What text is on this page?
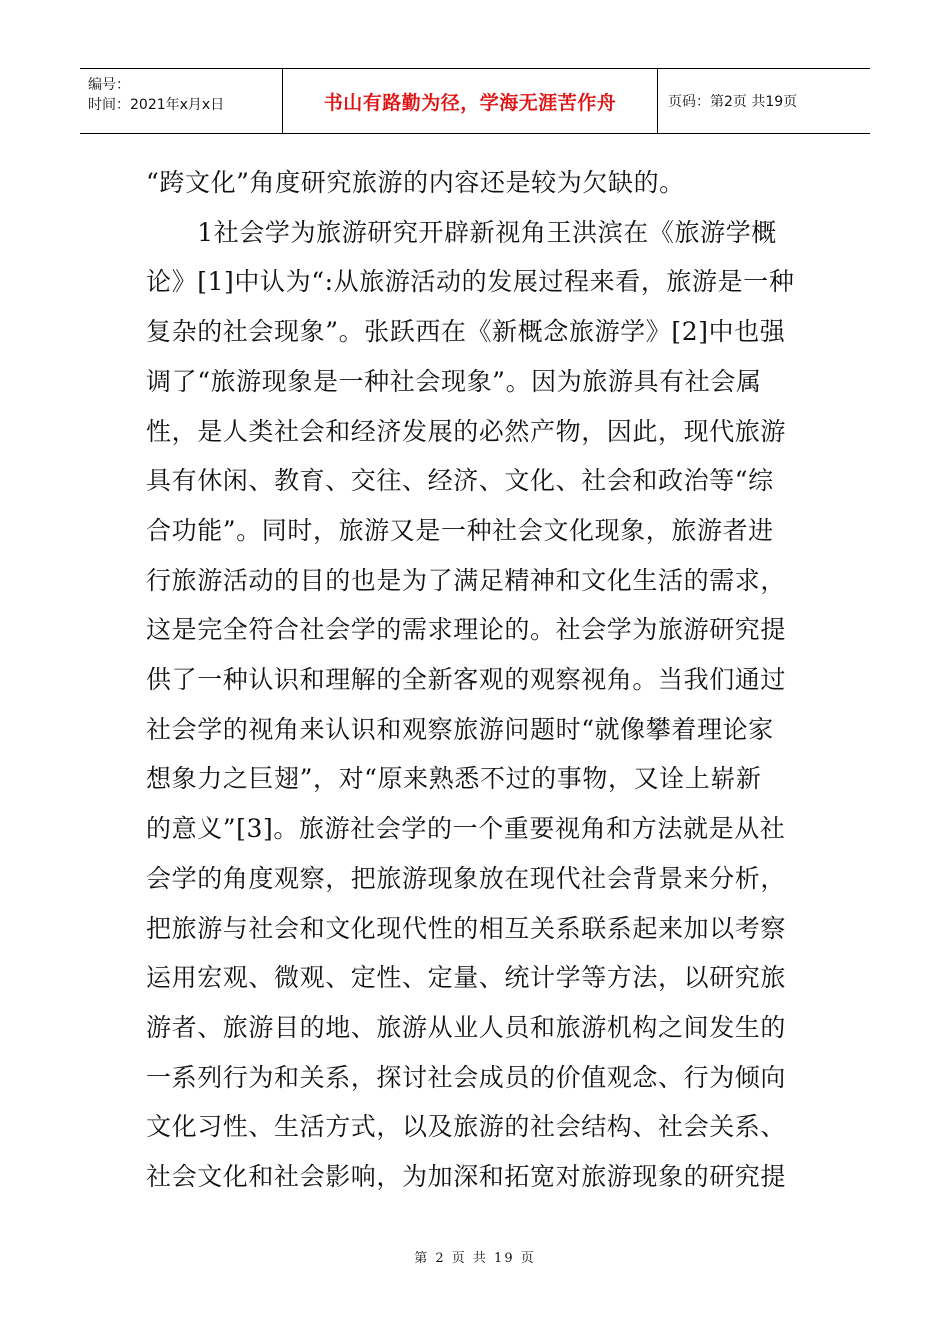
编号：
时间：2021年x月x日	书山有路勤为径，学海无涯苦作舟	页码：第2页 共19页

“跨文化”角度研究旅游的内容还是较为欠缺的。

　　1社会学为旅游研究开辟新视角王洪滨在《旅游学概

论》[1]中认为“:从旅游活动的发展过程来看，旅游是一种

复杂的社会现象”。张跃西在《新概念旅游学》[2]中也强

调了“旅游现象是一种社会现象”。因为旅游具有社会属

性，是人类社会和经济发展的必然产物，因此，现代旅游

具有休闲、教育、交往、经济、文化、社会和政治等“综

合功能”。同时，旅游又是一种社会文化现象，旅游者进

行旅游活动的目的也是为了满足精神和文化生活的需求，

这是完全符合社会学的需求理论的。社会学为旅游研究提

供了一种认识和理解的全新客观的观察视角。当我们通过

社会学的视角来认识和观察旅游问题时“就像攀着理论家

想象力之巨翅”，对“原来熟悉不过的事物，又诠上崭新

的意义”[3]。旅游社会学的一个重要视角和方法就是从社

会学的角度观察，把旅游现象放在现代社会背景来分析，

把旅游与社会和文化现代性的相互关系联系起来加以考察

运用宏观、微观、定性、定量、统计学等方法，以研究旅

游者、旅游目的地、旅游从业人员和旅游机构之间发生的

一系列行为和关系，探讨社会成员的价值观念、行为倾向

文化习性、生活方式，以及旅游的社会结构、社会关系、

社会文化和社会影响，为加深和拓宽对旅游现象的研究提

第 2 页 共 19 页
